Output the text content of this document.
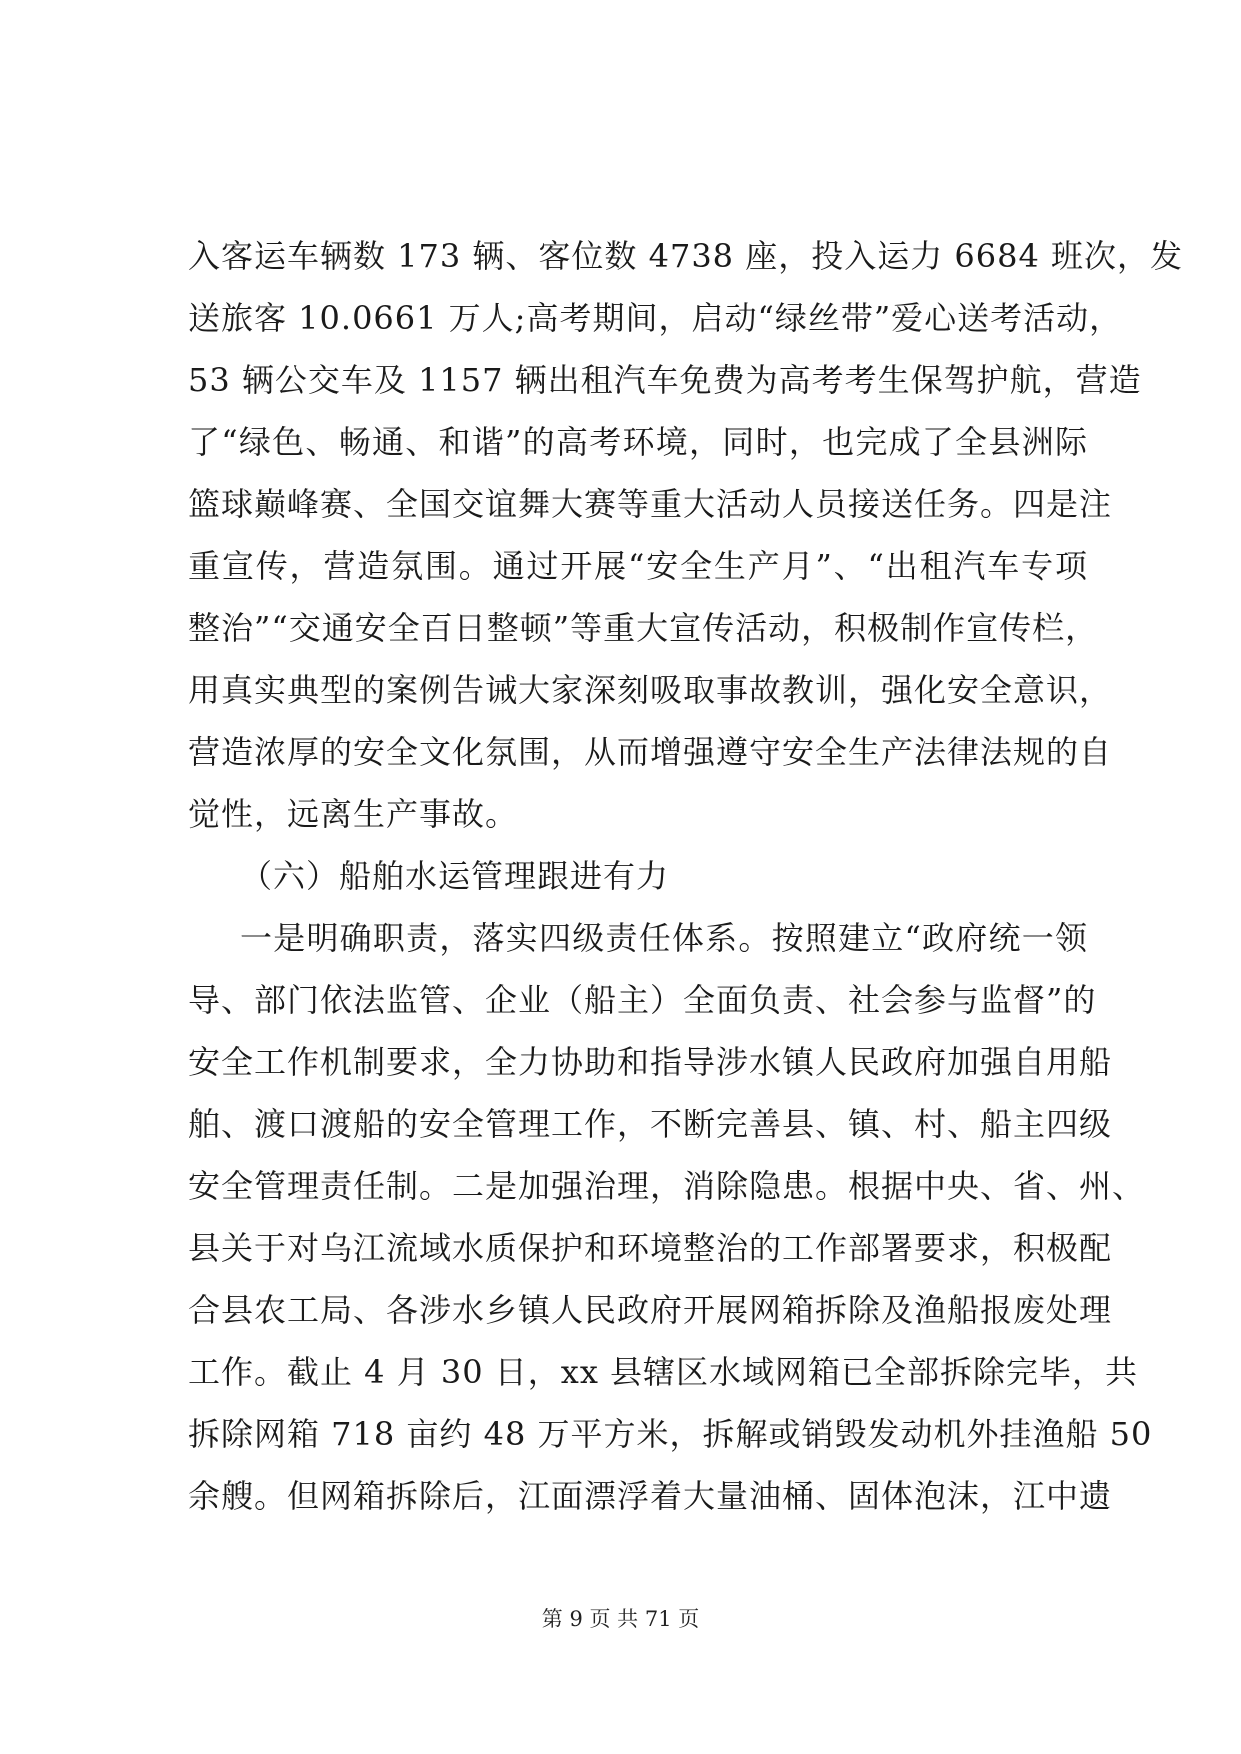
入客运车辆数 173 辆、客位数 4738 座，投入运力 6684 班次，发
送旅客 10.0661 万人;高考期间，启动“绿丝带”爱心送考活动，
53 辆公交车及 1157 辆出租汽车免费为高考考生保驾护航，营造
了“绿色、畅通、和谐”的高考环境，同时，也完成了全县洲际
篮球巅峰赛、全国交谊舞大赛等重大活动人员接送任务。四是注
重宣传，营造氛围。通过开展“安全生产月”、“出租汽车专项
整治”“交通安全百日整顿”等重大宣传活动，积极制作宣传栏，
用真实典型的案例告诫大家深刻吸取事故教训，强化安全意识，
营造浓厚的安全文化氛围，从而增强遵守安全生产法律法规的自
觉性，远离生产事故。
（六）船舶水运管理跟进有力
一是明确职责，落实四级责任体系。按照建立“政府统一领
导、部门依法监管、企业（船主）全面负责、社会参与监督”的
安全工作机制要求，全力协助和指导涉水镇人民政府加强自用船
舶、渡口渡船的安全管理工作，不断完善县、镇、村、船主四级
安全管理责任制。二是加强治理，消除隐患。根据中央、省、州、
县关于对乌江流域水质保护和环境整治的工作部署要求，积极配
合县农工局、各涉水乡镇人民政府开展网箱拆除及渔船报废处理
工作。截止 4 月 30 日，xx 县辖区水域网箱已全部拆除完毕，共
拆除网箱 718 亩约 48 万平方米，拆解或销毁发动机外挂渔船 50
余艘。但网箱拆除后，江面漂浮着大量油桶、固体泡沫，江中遗
第 9 页 共 71 页
